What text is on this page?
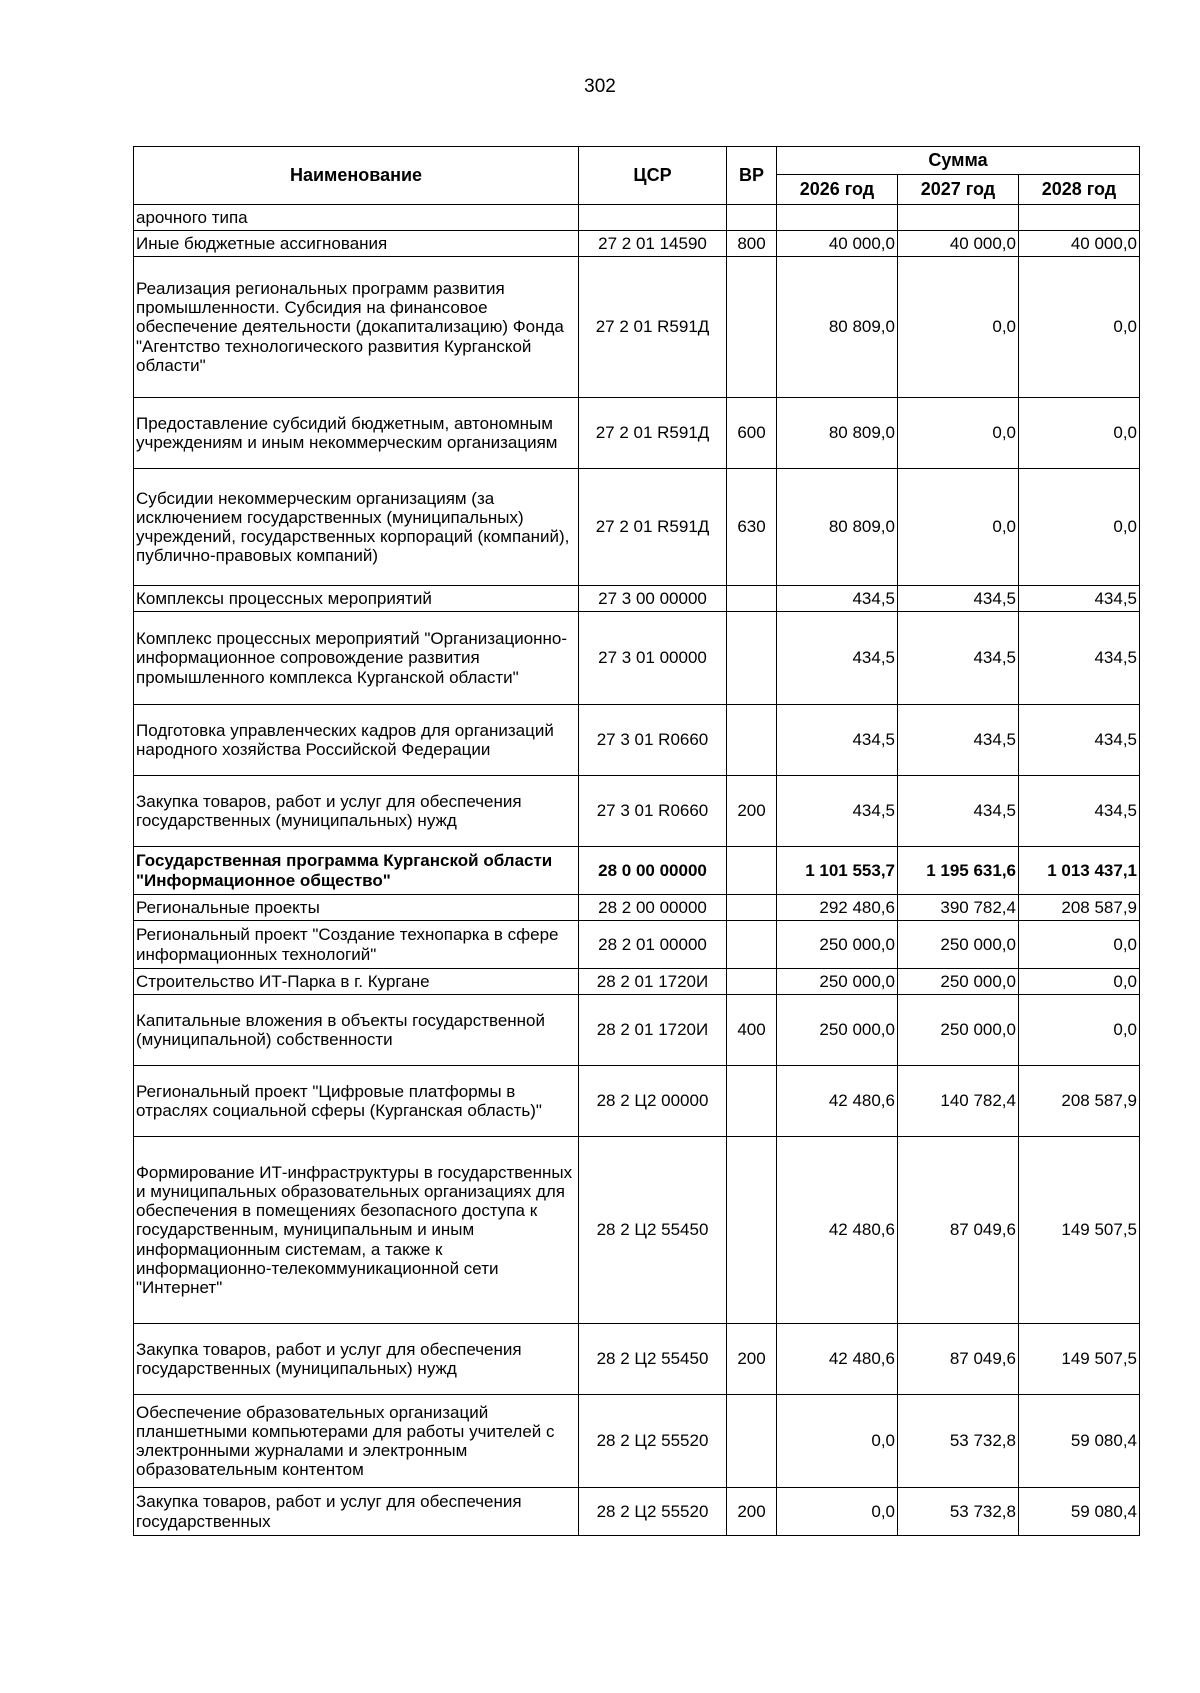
302
Наименование	ЦСР	ВР	Сумма		
			2026 год	2027 год	2028 год
арочного типа					
Иные бюджетные ассигнования	27 2 01 14590	800	40 000,0	40 000,0	40 000,0
Реализация региональных программ развития промышленности. Субсидия на финансовое обеспечение деятельности (докапитализацию) Фонда "Агентство технологического развития Курганской области"	27 2 01 R591Д		80 809,0	0,0	0,0
Предоставление субсидий бюджетным, автономным учреждениям и иным некоммерческим организациям	27 2 01 R591Д	600	80 809,0	0,0	0,0
Субсидии некоммерческим организациям (за исключением государственных (муниципальных) учреждений, государственных корпораций (компаний), публично-правовых компаний)	27 2 01 R591Д	630	80 809,0	0,0	0,0
Комплексы процессных мероприятий	27 3 00 00000		434,5	434,5	434,5
Комплекс процессных мероприятий "Организационно-информационное сопровождение развития промышленного комплекса Курганской области"	27 3 01 00000		434,5	434,5	434,5
Подготовка управленческих кадров для организаций народного хозяйства Российской Федерации	27 3 01 R0660		434,5	434,5	434,5
Закупка товаров, работ и услуг для обеспечения государственных (муниципальных) нужд	27 3 01 R0660	200	434,5	434,5	434,5
Государственная программа Курганской области "Информационное общество"	28 0 00 00000		1 101 553,7	1 195 631,6	1 013 437,1
Региональные проекты	28 2 00 00000		292 480,6	390 782,4	208 587,9
Региональный проект "Создание технопарка в сфере информационных технологий"	28 2 01 00000		250 000,0	250 000,0	0,0
Строительство ИТ-Парка в г. Кургане	28 2 01 1720И		250 000,0	250 000,0	0,0
Капитальные вложения в объекты государственной (муниципальной) собственности	28 2 01 1720И	400	250 000,0	250 000,0	0,0
Региональный проект "Цифровые платформы в отраслях социальной сферы (Курганская область)"	28 2 Ц2 00000		42 480,6	140 782,4	208 587,9
Формирование ИТ-инфраструктуры в государственных и муниципальных образовательных организациях для обеспечения в помещениях безопасного доступа к государственным, муниципальным и иным информационным системам, а также к информационно-телекоммуникационной сети "Интернет"	28 2 Ц2 55450		42 480,6	87 049,6	149 507,5
Закупка товаров, работ и услуг для обеспечения государственных (муниципальных) нужд	28 2 Ц2 55450	200	42 480,6	87 049,6	149 507,5
Обеспечение образовательных организаций планшетными компьютерами для работы учителей с электронными журналами и электронным образовательным контентом	28 2 Ц2 55520		0,0	53 732,8	59 080,4
Закупка товаров, работ и услуг для обеспечения государственных	28 2 Ц2 55520	200	0,0	53 732,8	59 080,4
